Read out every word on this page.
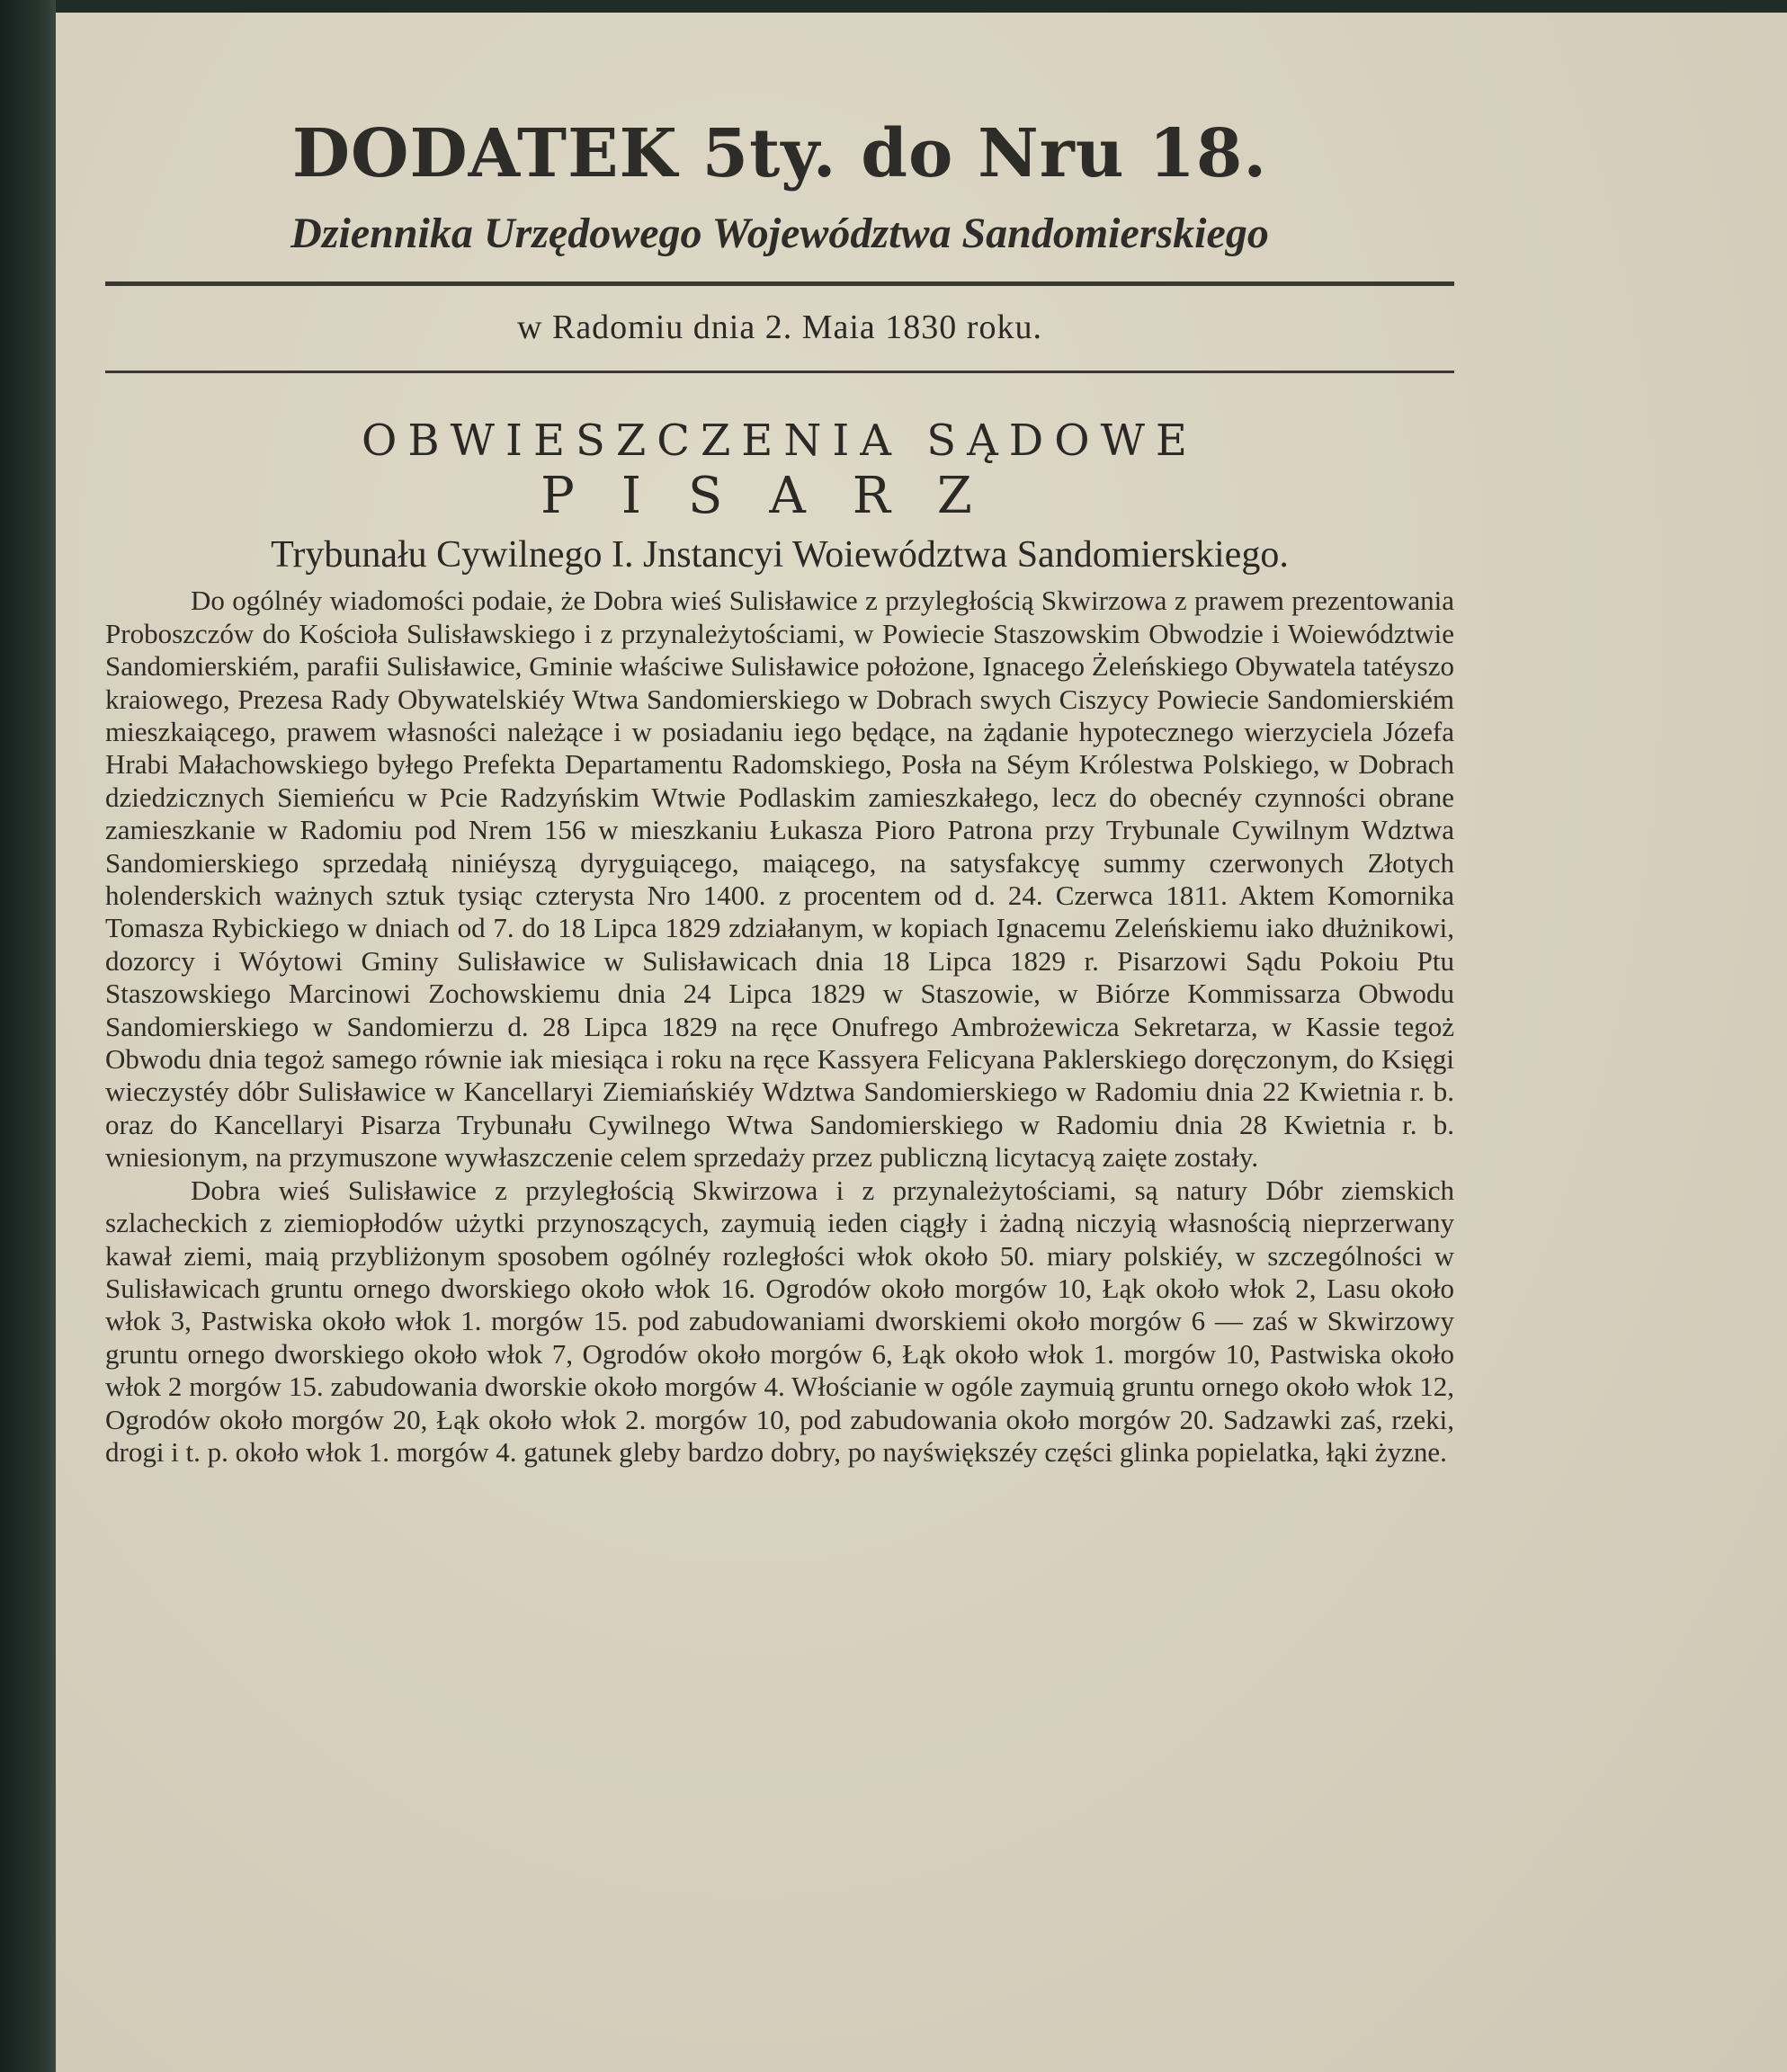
DODATEK 5ty. do Nru 18.
Dziennika Urzędowego Województwa Sandomierskiego
w Radomiu dnia 2. Maia 1830 roku.
OBWIESZCZENIA SĄDOWE
PISARZ
Trybunału Cywilnego I. Jnstancyi Woiewództwa Sandomierskiego.

Do ogólnéy wiadomości podaie, że Dobra wieś Sulisławice z przyległością Skwirzowa z prawem prezentowania Proboszczów do Kościoła Sulisławskiego i z przynależytościami, w Powiecie Staszowskim Obwodzie i Woiewództwie Sandomierskiém, parafii Sulisławice, Gminie właściwe Sulisławice położone, Ignacego Żeleńskiego Obywatela tatéyszo kraiowego, Prezesa Rady Obywatelskiéy Wtwa Sandomierskiego w Dobrach swych Ciszycy Powiecie Sandomierskiém mieszkaiącego, prawem własności należące i w posiadaniu iego będące, na żądanie hypotecznego wierzyciela Józefa Hrabi Małachowskiego byłego Prefekta Departamentu Radomskiego, Posła na Séym Królestwa Polskiego, w Dobrach dziedzicznych Siemieńcu w Pcie Radzyńskim Wtwie Podlaskim zamieszkałego, lecz do obecnéy czynności obrane zamieszkanie w Radomiu pod Nrem 156 w mieszkaniu Łukasza Pioro Patrona przy Trybunale Cywilnym Wdztwa Sandomierskiego sprzedałą niniéyszą dyryguiącego, maiącego, na satysfakcyę summy czerwonych Złotych holenderskich ważnych sztuk tysiąc czterysta Nro 1400. z procentem od d. 24. Czerwca 1811. Aktem Komornika Tomasza Rybickiego w dniach od 7. do 18 Lipca 1829 zdziałanym, w kopiach Ignacemu Zeleńskiemu iako dłużnikowi, dozorcy i Wóytowi Gminy Sulisławice w Sulisławicach dnia 18 Lipca 1829 r. Pisarzowi Sądu Pokoiu Ptu Staszowskiego Marcinowi Zochowskiemu dnia 24 Lipca 1829 w Staszowie, w Biórze Kommissarza Obwodu Sandomierskiego w Sandomierzu d. 28 Lipca 1829 na ręce Onufrego Ambrożewicza Sekretarza, w Kassie tegoż Obwodu dnia tegoż samego równie iak miesiąca i roku na ręce Kassyera Felicyana Paklerskiego doręczonym, do Księgi wieczystéy dóbr Sulisławice w Kancellaryi Ziemiańskiéy Wdztwa Sandomierskiego w Radomiu dnia 22 Kwietnia r. b. oraz do Kancellaryi Pisarza Trybunału Cywilnego Wtwa Sandomierskiego w Radomiu dnia 28 Kwietnia r. b. wniesionym, na przymuszone wywłaszczenie celem sprzedaży przez publiczną licytacyą zaięte zostały.

Dobra wieś Sulisławice z przyległością Skwirzowa i z przynależytościami, są natury Dóbr ziemskich szlacheckich z ziemiopłodów użytki przynoszących, zaymuią ieden ciągły i żadną niczyią własnością nieprzerwany kawał ziemi, maią przybliżonym sposobem ogólnéy rozległości włok około 50. miary polskiéy, w szczególności w Sulisławicach gruntu ornego dworskiego około włok 16. Ogrodów około morgów 10, Łąk około włok 2, Lasu około włok 3, Pastwiska około włok 1. morgów 15. pod zabudowaniami dworskiemi około morgów 6 — zaś w Skwirzowy gruntu ornego dworskiego około włok 7, Ogrodów około morgów 6, Łąk około włok 1. morgów 10, Pastwiska około włok 2 morgów 15. zabudowania dworskie około morgów 4. Włościanie w ogóle zaymuią gruntu ornego około włok 12, Ogrodów około morgów 20, Łąk około włok 2. morgów 10, pod zabudowania około morgów 20. Sadzawki zaś, rzeki, drogi i t. p. około włok 1. morgów 4. gatunek gleby bardzo dobry, po nayświększéy części glinka popielatka, łąki żyzne.
